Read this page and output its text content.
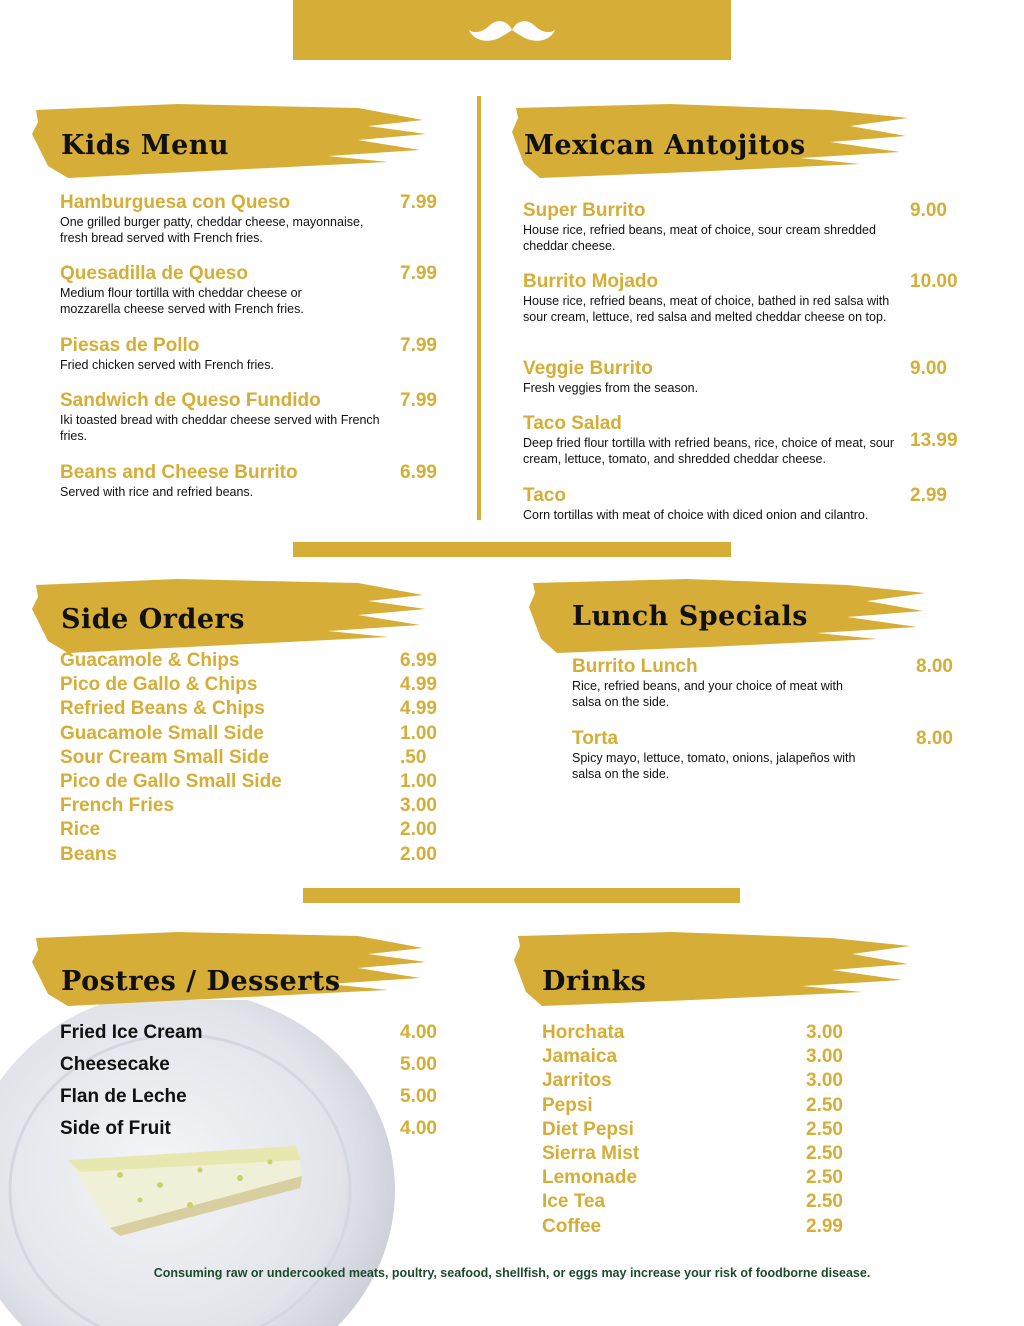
Kids Menu
Hamburguesa con Queso
One grilled burger patty, cheddar cheese, mayonnaise, fresh bread served with French fries.
7.99
Quesadilla de Queso
Medium flour tortilla with cheddar cheese or mozzarella cheese served with French fries.
7.99
Piesas de Pollo
Fried chicken served with French fries.
7.99
Sandwich de Queso Fundido
Iki toasted bread with cheddar cheese served with French fries.
7.99
Beans and Cheese Burrito
Served with rice and refried beans.
6.99
Mexican Antojitos
Super Burrito
House rice, refried beans, meat of choice, sour cream shredded cheddar cheese.
9.00
Burrito Mojado
House rice, refried beans, meat of choice, bathed in red salsa with sour cream, lettuce, red salsa and melted cheddar cheese on top.
10.00
Veggie Burrito
Fresh veggies from the season.
9.00
Taco Salad
Deep fried flour tortilla with refried beans, rice, choice of meat, sour cream, lettuce, tomato, and shredded cheddar cheese.
13.99
Taco
Corn tortillas with meat of choice with diced onion and cilantro.
2.99
Side Orders
Guacamole & Chips	6.99
Pico de Gallo & Chips	4.99
Refried Beans & Chips	4.99
Guacamole Small Side	1.00
Sour Cream Small Side	.50
Pico de Gallo Small Side	1.00
French Fries	3.00
Rice	2.00
Beans	2.00
Lunch Specials
Burrito Lunch
Rice, refried beans, and your choice of meat with salsa on the side.
8.00
Torta
Spicy mayo, lettuce, tomato, onions, jalapeños with salsa on the side.
8.00
Postres / Desserts
Fried Ice Cream	4.00
Cheesecake	5.00
Flan de Leche	5.00
Side of Fruit	4.00
Drinks
Horchata	3.00
Jamaica	3.00
Jarritos	3.00
Pepsi	2.50
Diet Pepsi	2.50
Sierra Mist	2.50
Lemonade	2.50
Ice Tea	2.50
Coffee	2.99
Consuming raw or undercooked meats, poultry, seafood, shellfish, or eggs may increase your risk of foodborne disease.
